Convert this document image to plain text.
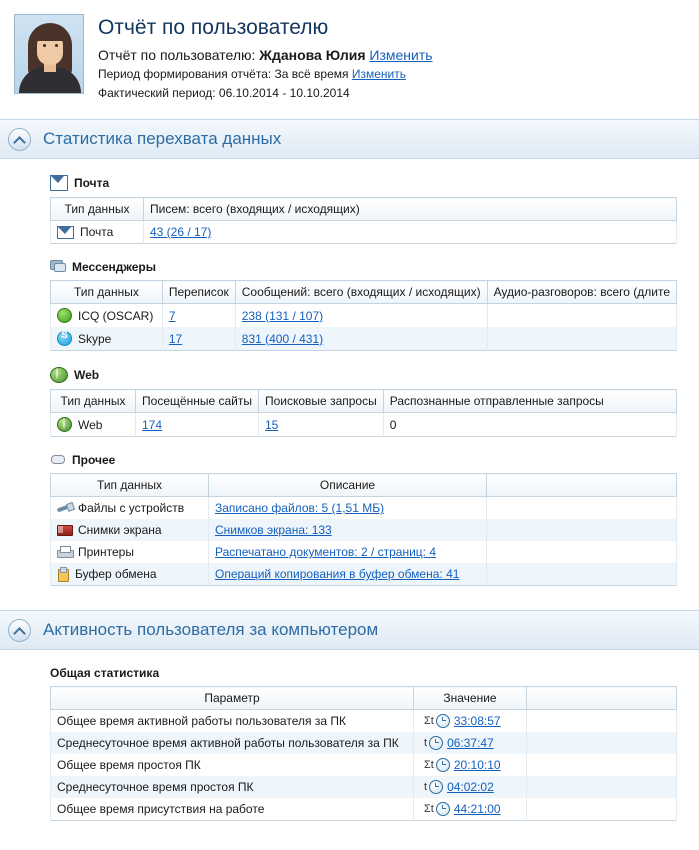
Отчёт по пользователю
Отчёт по пользователю: Жданова Юлия Изменить
Период формирования отчёта: За всё время Изменить
Фактический период: 06.10.2014 - 10.10.2014
Статистика перехвата данных
Почта
Тип данных	Писем: всего (входящих / исходящих)

Почта	43 (26 / 17)
Мессенджеры
Тип данных	Переписок	Сообщений: всего (входящих / исходящих)	Аудио-разговоров: всего (длите

ICQ (OSCAR)	7	238 (131 / 107)	

S
Skype	17	831 (400 / 431)	
Web
Тип данных	Посещённые сайты	Поисковые запросы	Распознанные отправленные запросы

Web	174	15	0
Прочее
Тип данных	Описание	

Файлы с устройств	Записано файлов: 5 (1,51 МБ)	

Снимки экрана	Снимков экрана: 133	

Принтеры	Распечатано документов: 2 / страниц: 4	

Буфер обмена	Операций копирования в буфер обмена: 41	
Активность пользователя за компьютером
Общая статистика
Параметр	Значение	
Общее время активной работы пользователя за ПК	Σt 33:08:57	

Среднесуточное время активной работы пользователя за ПК	t 06:37:47	

Общее время простоя ПК	Σt 20:10:10	

Среднесуточное время простоя ПК	t 04:02:02	

Общее время присутствия на работе	Σt 44:21:00	
